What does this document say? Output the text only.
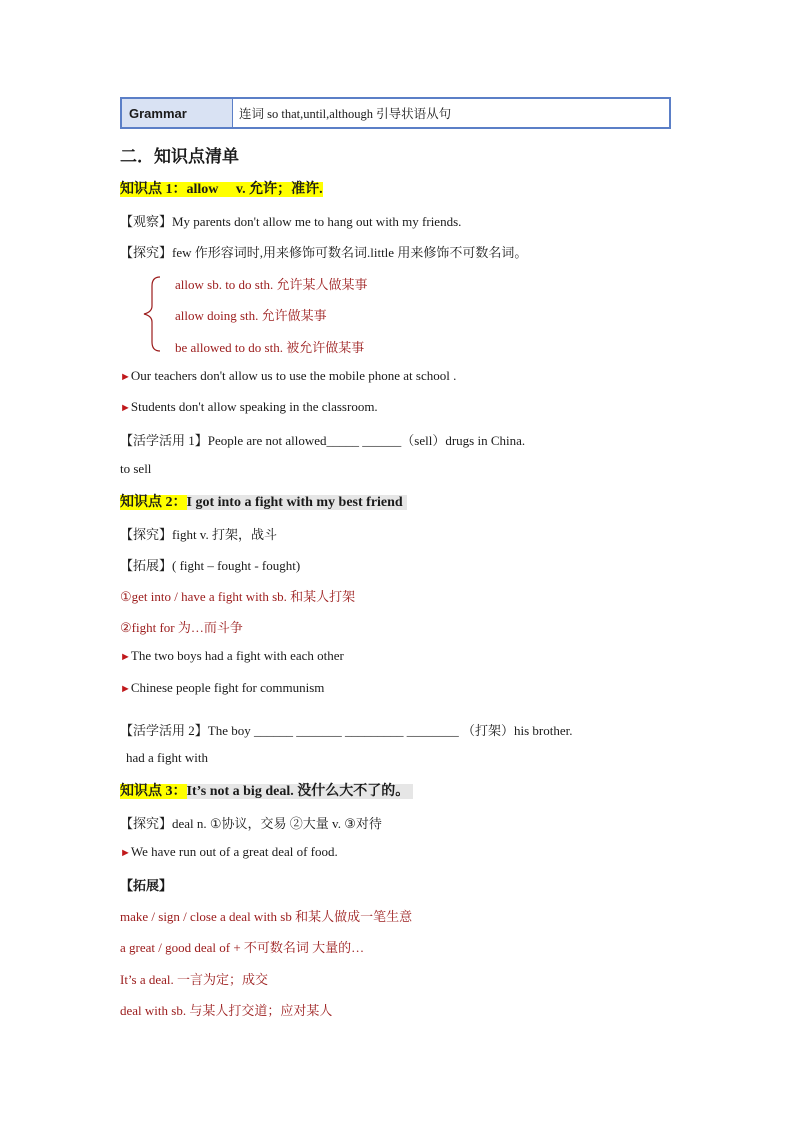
Grammar	连词 so that,until,although 引导状语从句
二．知识点清单
知识点 1：allow　 v. 允许；准许.
【观察】My parents don't allow me to hang out with my friends.
【探究】few 作形容词时,用来修饰可数名词.little 用来修饰不可数名词。
allow sb. to do sth. 允许某人做某事
allow doing sth. 允许做某事
be allowed to do sth. 被允许做某事
►Our teachers don't allow us to use the mobile phone at school .
►Students don't allow speaking in the classroom.
【活学活用 1】People are not allowed_____ ______（sell）drugs in China.
to sell
知识点 2：I got into a fight with my best friend
【探究】fight v. 打架，战斗
【拓展】( fight – fought - fought)
①get into / have a fight with sb. 和某人打架
②fight for 为…而斗争
►The two boys had a fight with each other
►Chinese people fight for communism
【活学活用 2】The boy ______ _______ _________ ________ （打架）his brother.
had a fight with
知识点 3：It’s not a big deal. 没什么大不了的。
【探究】deal n. ①协议，交易 ②大量 v. ③对待
►We have run out of a great deal of food.
【拓展】
make / sign / close a deal with sb 和某人做成一笔生意
a great / good deal of + 不可数名词 大量的…
It’s a deal. 一言为定；成交
deal with sb. 与某人打交道；应对某人
